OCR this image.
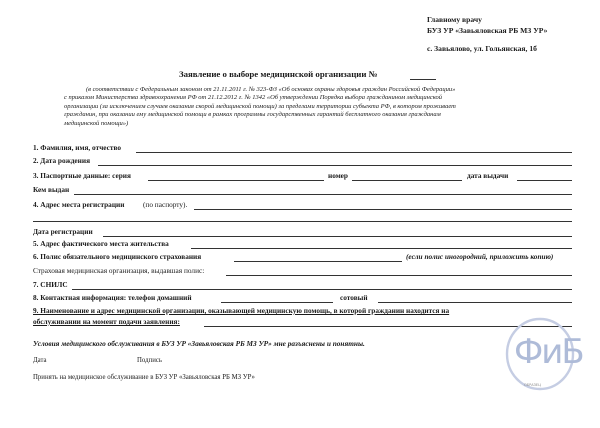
Главному врачу
БУЗ УР «Завьяловская РБ МЗ УР»
с. Завьялово, ул. Гольянская, 1б
Заявление о выборе медицинской организации №
(в соответствии с Федеральным законом от 21.11.2011 г. № 323-ФЗ «Об основах охраны здоровья граждан Российской Федерации»
с приказом Министерства здравоохранения РФ от 21.12.2012 г. № 1342 «Об утверждении Порядка выбора гражданином медицинской
организации (за исключением случаев оказания скорой медицинской помощи) за пределами территории субъекта РФ, в котором проживает
гражданин, при оказании ему медицинской помощи в рамках программы государственных гарантий бесплатного оказания гражданам
медицинской помощи»)
1. Фамилия, имя, отчество
2. Дата рождения
3. Паспортные данные: серия	номер	дата выдачи
Кем выдан
4. Адрес места регистрации	(по паспорту).
Дата регистрации
5. Адрес фактического места жительства
6. Полис обязательного медицинского страхования	(если полис иногородний, приложить копию)
Страховая медицинская организация, выдавшая полис:
7. СНИЛС
8. Контактная информация: телефон домашний	сотовый
9. Наименование и адрес медицинской организации, оказывающей медицинскую помощь, в которой гражданин находится на
обслуживании на момент подачи заявления:
Условия медицинского обслуживания в БУЗ УР «Завьяловская РБ МЗ УР» мне разъяснены и понятны.
Дата	Подпись
Принять на медицинское обслуживание в БУЗ УР «Завьяловская РБ МЗ УР»
ФиБ
ОБРАЗЕЦ
